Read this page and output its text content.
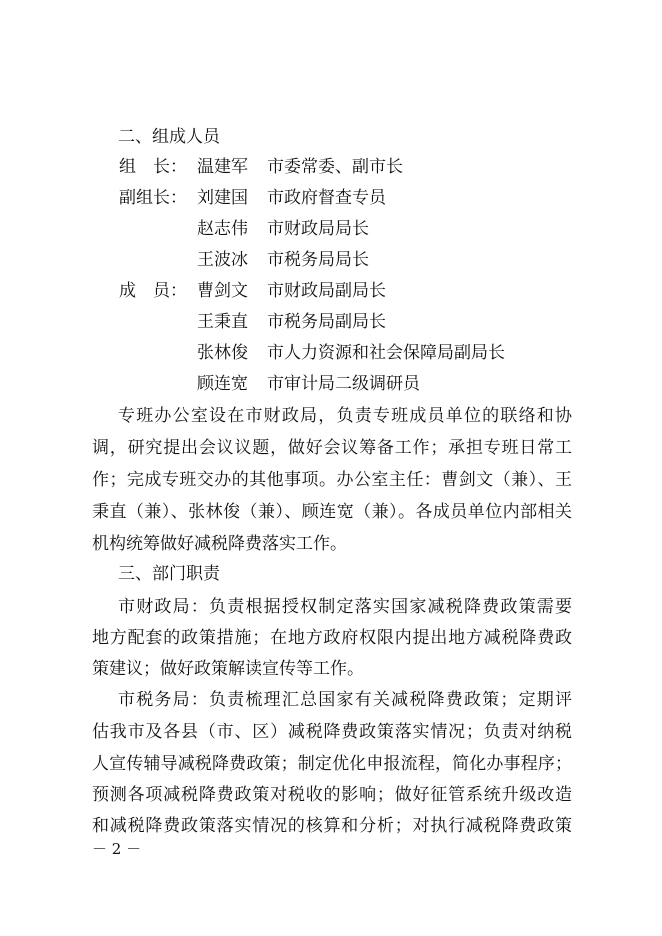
二、组成人员
组　长： 温建军	市委常委、副市长
副组长： 刘建国	市政府督查专员
赵志伟	市财政局局长
王波冰	市税务局局长
成　员： 曹剑文	市财政局副局长
王秉直	市税务局副局长
张林俊	市人力资源和社会保障局副局长
顾连宽	市审计局二级调研员
专班办公室设在市财政局，负责专班成员单位的联络和协
调，研究提出会议议题，做好会议筹备工作；承担专班日常工
作；完成专班交办的其他事项。办公室主任：曹剑文（兼）、王
秉直（兼）、张林俊（兼）、顾连宽（兼）。各成员单位内部相关
机构统筹做好减税降费落实工作。
三、部门职责
市财政局：负责根据授权制定落实国家减税降费政策需要
地方配套的政策措施；在地方政府权限内提出地方减税降费政
策建议；做好政策解读宣传等工作。
市税务局：负责梳理汇总国家有关减税降费政策；定期评
估我市及各县（市、区）减税降费政策落实情况；负责对纳税
人宣传辅导减税降费政策；制定优化申报流程，简化办事程序；
预测各项减税降费政策对税收的影响；做好征管系统升级改造
和减税降费政策落实情况的核算和分析；对执行减税降费政策
－ 2 －
